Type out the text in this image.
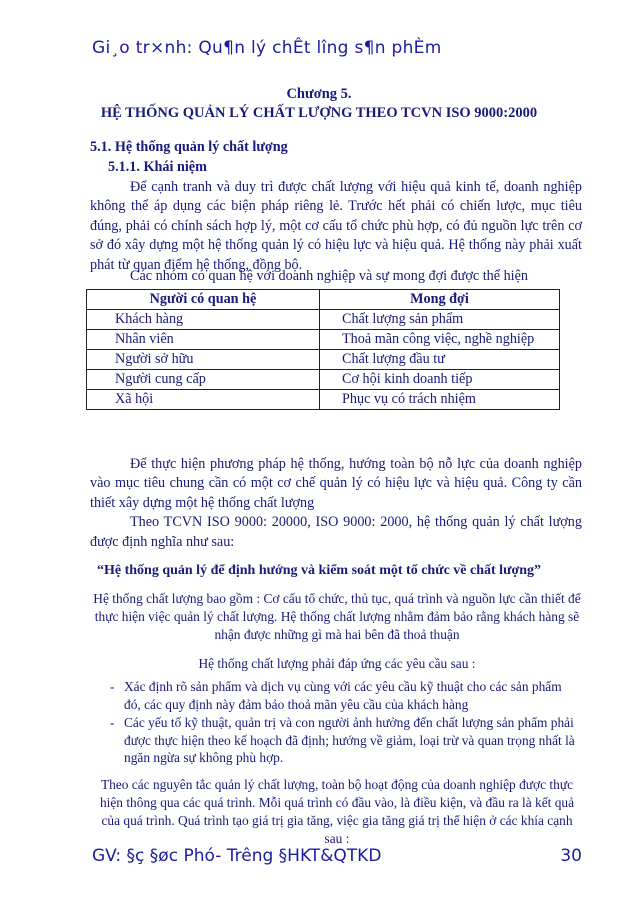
Gi¸o tr×nh: Qu¶n lý chÊt lîng s¶n phÈm
Chương 5.
HỆ THỐNG QUẢN LÝ CHẤT LƯỢNG THEO TCVN ISO 9000:2000
5.1. Hệ thống quản lý chất lượng
5.1.1. Khái niệm

Để cạnh tranh và duy trì được chất lượng với hiệu quả kinh tế, doanh nghiệp không thể áp dụng các biện pháp riêng lẻ. Trước hết phải có chiến lược, mục tiêu đúng, phải có chính sách hợp lý, một cơ cấu tổ chức phù hợp, có đủ nguồn lực trên cơ sở đó xây dựng một hệ thống quản lý có hiệu lực và hiệu quả. Hệ thống này phải xuất phát từ quan điểm hệ thống, đồng bộ.

Các nhóm có quan hệ với doanh nghiệp và sự mong đợi được thể hiện
Người có quan hệ	Mong đợi
Khách hàng	Chất lượng sản phẩm
Nhân viên	Thoả mãn công việc, nghề nghiệp
Người sở hữu	Chất lượng đầu tư
Người cung cấp	Cơ hội kinh doanh tiếp
Xã hội	Phục vụ có trách nhiệm

Để thực hiện phương pháp hệ thống, hướng toàn bộ nỗ lực của doanh nghiệp vào mục tiêu chung cần có một cơ chế quản lý có hiệu lực và hiệu quả. Công ty cần thiết xây dựng một hệ thống chất lượng

Theo TCVN ISO 9000: 20000, ISO 9000: 2000, hệ thống quản lý chất lượng được định nghĩa như sau:

“Hệ thống quản lý để định hướng và kiểm soát một tổ chức về chất lượng”
Hệ thống chất lượng bao gồm : Cơ cấu tổ chức, thủ tục, quá trình và nguồn lực cần thiết để thực hiện việc quản lý chất lượng. Hệ thống chất lượng nhằm đảm bảo rằng khách hàng sẽ nhận được những gì mà hai bên đã thoả thuận
Hệ thống chất lượng phải đáp ứng các yêu cầu sau :
- Xác định rõ sản phẩm và dịch vụ cùng với các yêu cầu kỹ thuật cho các sản phẩm đó, các quy định này đảm bảo thoả mãn yêu cầu của khách hàng
- Các yếu tố kỹ thuật, quản trị và con người ảnh hưởng đến chất lượng sản phẩm phải được thực hiện theo kế hoạch đã định; hướng về giảm, loại trừ và quan trọng nhất là ngăn ngừa sự không phù hợp.
Theo các nguyên tắc quản lý chất lượng, toàn bộ hoạt động của doanh nghiệp được thực hiện thông qua các quá trình. Mỗi quá trình có đầu vào, là điều kiện, và đầu ra là kết quả của quá trình. Quá trình tạo giá trị gia tăng, việc gia tăng giá trị thể hiện ở các khía cạnh sau :
GV: §ç §øc Phó- Trêng §HKT&QTKD	30
